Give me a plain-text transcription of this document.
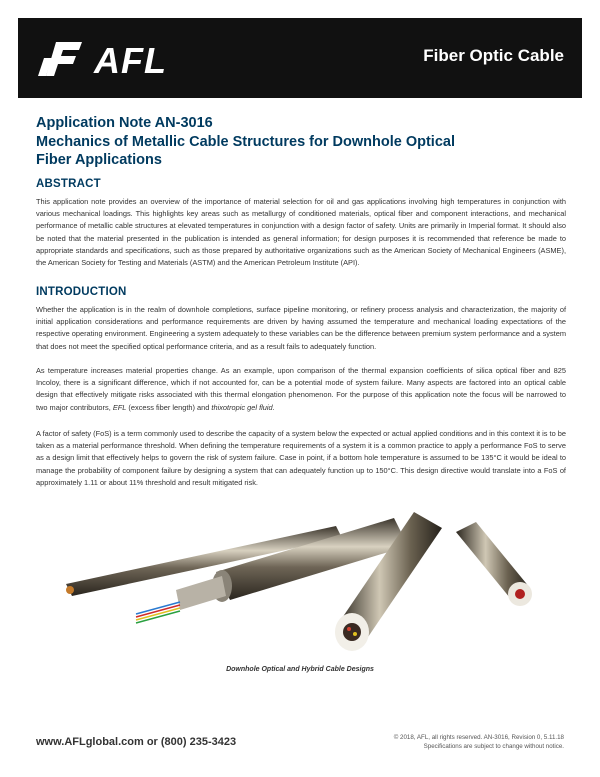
AFL	Fiber Optic Cable
Application Note AN-3016
Mechanics of Metallic Cable Structures for Downhole Optical
Fiber Applications
ABSTRACT

This application note provides an overview of the importance of material selection for oil and gas applications involving high temperatures in conjunction with various mechanical loadings. This highlights key areas such as metallurgy of conditioned materials, optical fiber and component interactions, and mechanical performance of metallic cable structures at elevated temperatures in conjunction with a design factor of safety. Units are primarily in Imperial format. It should also be noted that the material presented in the publication is intended as general information; for design purposes it is recommended that reference be made to appropriate standards and specifications, such as those prepared by authoritative organizations such as the American Society of Mechanical Engineers (ASME), the American Society for Testing and Materials (ASTM) and the American Petroleum Institute (API).

INTRODUCTION

Whether the application is in the realm of downhole completions, surface pipeline monitoring, or refinery process analysis and characterization, the majority of initial application considerations and performance requirements are driven by having assumed the temperature and mechanical loading expectations of the respective operating environment. Engineering a system adequately to these variables can be the difference between premium system performance and a system that does not meet the specified optical performance criteria, and as a result fails to adequately function.

As temperature increases material properties change. As an example, upon comparison of the thermal expansion coefficients of silica optical fiber and 825 Incoloy, there is a significant difference, which if not accounted for, can be a potential mode of system failure. Many aspects are factored into an optical cable design that effectively mitigate risks associated with this thermal elongation phenomenon. For the purpose of this application note the focus will be narrowed to two major contributors, EFL (excess fiber length) and thixotropic gel fluid.

A factor of safety (FoS) is a term commonly used to describe the capacity of a system below the expected or actual applied conditions and in this context it is to be taken as a material performance threshold. When defining the temperature requirements of a system it is a common practice to apply a performance FoS to serve as a design limit that effectively helps to govern the risk of system failure. Case in point, if a bottom hole temperature is assumed to be 135°C it would be ideal to manage the probability of component failure by designing a system that can adequately function up to 150°C. This design directive would translate into a FoS of approximately 1.11 or about 11% threshold and result mitigated risk.

Downhole Optical and Hybrid Cable Designs
www.AFLglobal.com or (800) 235-3423	© 2018, AFL, all rights reserved. AN-3016, Revision 0, 5.11.18
Specifications are subject to change without notice.
